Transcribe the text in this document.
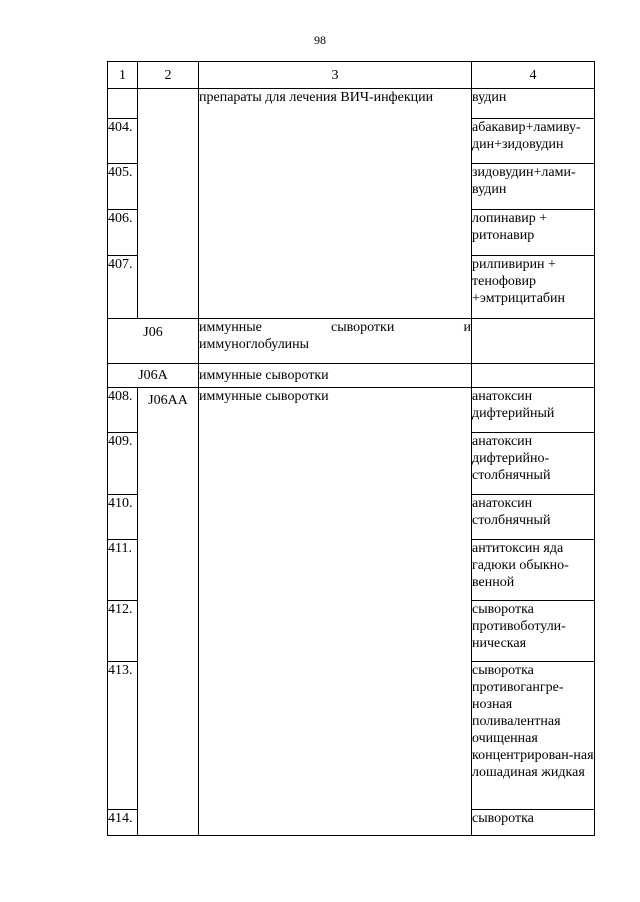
98
1	2	3	4
		препараты для лечения ВИЧ-инфекции	вудин
404.			абакавир+ламиву-дин+зидовудин
405.			зидовудин+лами-вудин
406.			лопинавир + ритонавир
407.			рилпивирин + тенофовир +эмтрицитабин
J06		иммунные сыворотки и
иммуноглобулины	
J06A		иммунные сыворотки	
408.	J06AA	иммунные сыворотки	анатоксин дифтерийный
409.			анатоксин дифтерийно-столбнячный
410.			анатоксин столбнячный
411.			антитоксин яда гадюки обыкно-венной
412.			сыворотка противоботули-ническая
413.			сыворотка противогангре-нозная поливалентная очищенная концентрирован-ная лошадиная жидкая
414.			сыворотка
